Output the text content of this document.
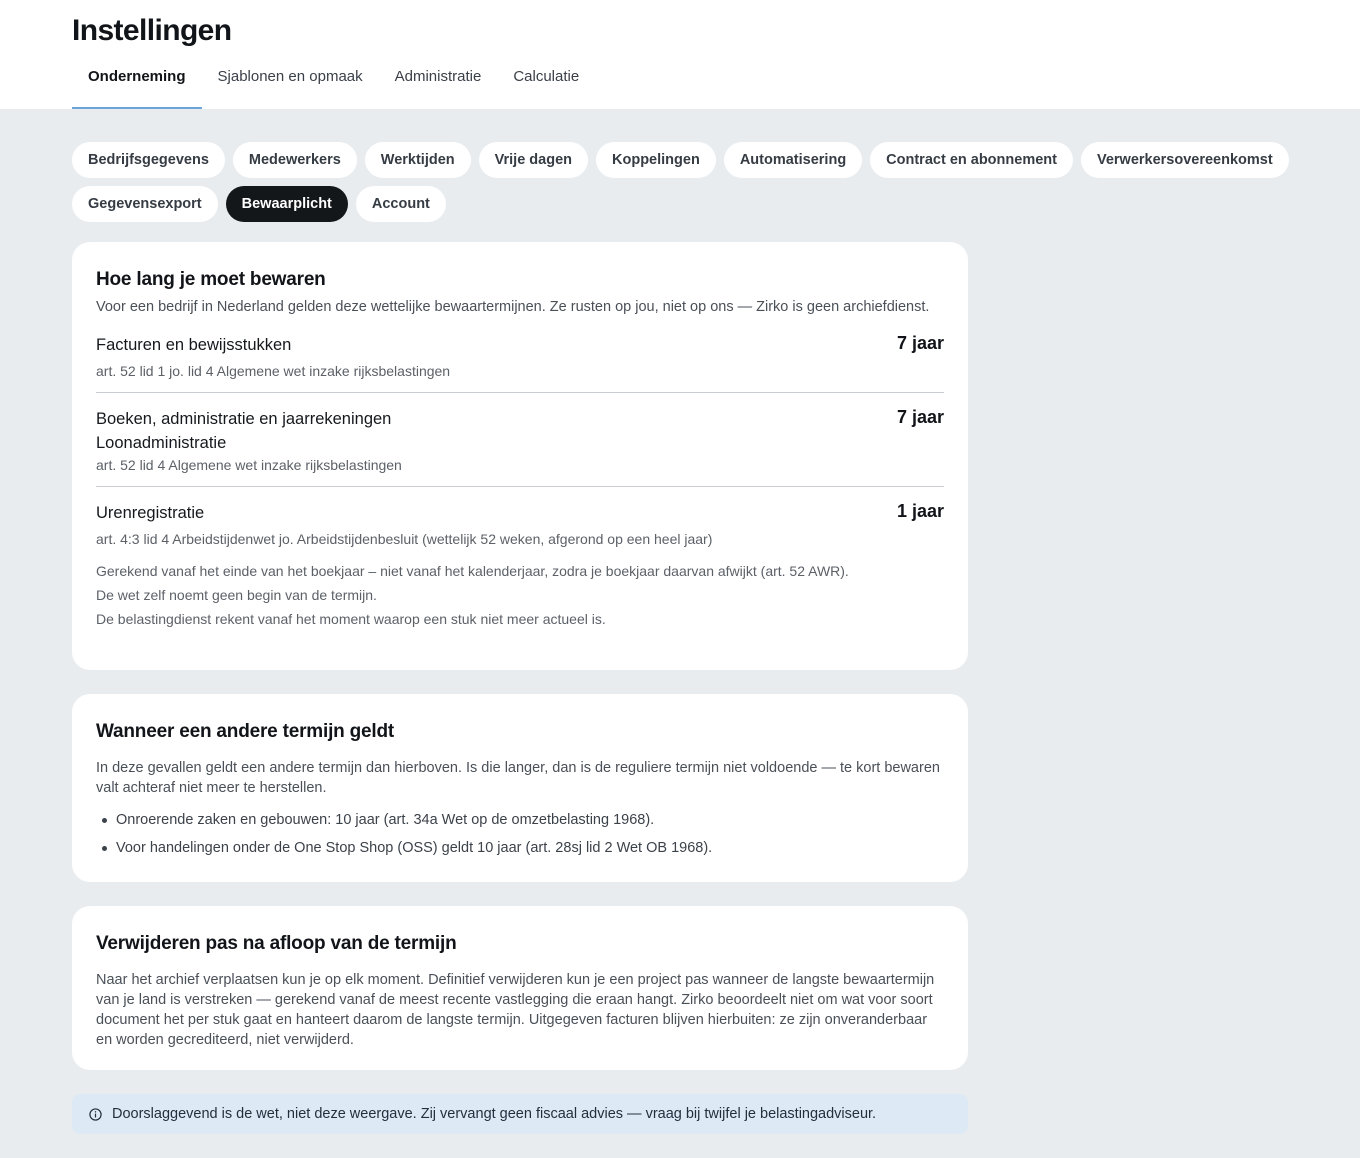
Instellingen
Onderneming	Sjablonen en opmaak	Administratie	Calculatie
Bedrijfsgegevens	Medewerkers	Werktijden	Vrije dagen	Koppelingen	Automatisering	Contract en abonnement	Verwerkersovereenkomst
Gegevensexport	Bewaarplicht	Account
Hoe lang je moet bewaren

Voor een bedrijf in Nederland gelden deze wettelijke bewaartermijnen. Ze rusten op jou, niet op ons — Zirko is geen archiefdienst.

Facturen en bewijsstukken	7 jaar
art. 52 lid 1 jo. lid 4 Algemene wet inzake rijksbelastingen
Boeken, administratie en jaarrekeningen
Loonadministratie
7 jaar
art. 52 lid 4 Algemene wet inzake rijksbelastingen
Urenregistratie	1 jaar
art. 4:3 lid 4 Arbeidstijdenwet jo. Arbeidstijdenbesluit (wettelijk 52 weken, afgerond op een heel jaar)
Gerekend vanaf het einde van het boekjaar – niet vanaf het kalenderjaar, zodra je boekjaar daarvan afwijkt (art. 52 AWR).
De wet zelf noemt geen begin van de termijn.
De belastingdienst rekent vanaf het moment waarop een stuk niet meer actueel is.
Wanneer een andere termijn geldt

In deze gevallen geldt een andere termijn dan hierboven. Is die langer, dan is de reguliere termijn niet voldoende — te kort bewaren valt achteraf niet meer te herstellen.

Onroerende zaken en gebouwen: 10 jaar (art. 34a Wet op de omzetbelasting 1968).
Voor handelingen onder de One Stop Shop (OSS) geldt 10 jaar (art. 28sj lid 2 Wet OB 1968).
Verwijderen pas na afloop van de termijn

Naar het archief verplaatsen kun je op elk moment. Definitief verwijderen kun je een project pas wanneer de langste bewaartermijn van je land is verstreken — gerekend vanaf de meest recente vastlegging die eraan hangt. Zirko beoordeelt niet om wat voor soort document het per stuk gaat en hanteert daarom de langste termijn. Uitgegeven facturen blijven hierbuiten: ze zijn onveranderbaar en worden gecrediteerd, niet verwijderd.

Doorslaggevend is de wet, niet deze weergave. Zij vervangt geen fiscaal advies — vraag bij twijfel je belastingadviseur.
